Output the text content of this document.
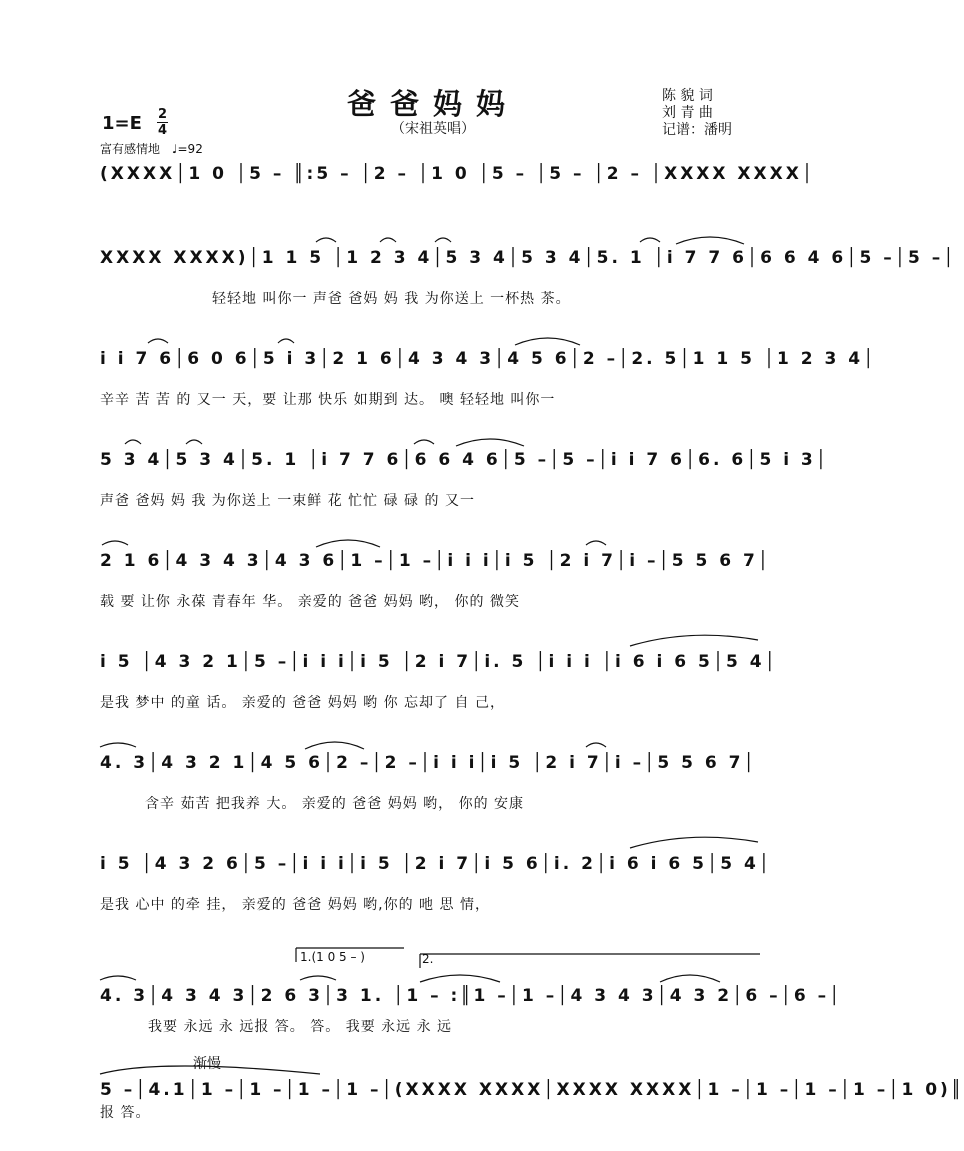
爸爸妈妈
（宋祖英唱）
1=E 2
4
富有感情地 ♩=92
陈 貌 词
刘 青 曲
记谱：潘明
(XXXX│1 0 │5 – ║:5 – │2 – │1 0 │5 – │5 – │2 – │XXXX XXXX│
XXXX XXXX)│1 1 5 │1 2 3 4│5 3 4│5 3 4│5. 1 │i 7 7 6│6 6 4 6│5 –│5 –│
轻轻地 叫你一 声爸 爸妈 妈 我 为你送上 一杯热 茶。
i i 7 6│6 0 6│5 i 3│2 1 6│4 3 4 3│4 5 6│2 –│2. 5│1 1 5 │1 2 3 4│
辛辛 苦 苦 的 又一 天，要 让那 快乐 如期到 达。 噢 轻轻地 叫你一
5 3 4│5 3 4│5. 1 │i 7 7 6│6 6 4 6│5 –│5 –│i i 7 6│6. 6│5 i 3│
声爸 爸妈 妈 我 为你送上 一束鲜 花 忙忙 碌 碌 的 又一
2 1 6│4 3 4 3│4 3 6│1 –│1 –│i i i│i 5 │2 i 7│i –│5 5 6 7│
载 要 让你 永葆 青春年 华。 亲爱的 爸爸 妈妈 哟， 你的 微笑
i 5 │4 3 2 1│5 –│i i i│i 5 │2 i 7│i. 5 │i i i │i 6 i 6 5│5 4│
是我 梦中 的童 话。 亲爱的 爸爸 妈妈 哟 你 忘却了 自 己，
4. 3│4 3 2 1│4 5 6│2 –│2 –│i i i│i 5 │2 i 7│i –│5 5 6 7│
含辛 茹苦 把我养 大。 亲爱的 爸爸 妈妈 哟， 你的 安康
i 5 │4 3 2 6│5 –│i i i│i 5 │2 i 7│i 5 6│i. 2│i 6 i 6 5│5 4│
是我 心中 的牵 挂， 亲爱的 爸爸 妈妈 哟,你的 吔 思 情，
1.(1 0 5 – )	2.
4. 3│4 3 4 3│2 6 3│3 1. │1 – :║1 –│1 –│4 3 4 3│4 3 2│6 –│6 –│
我要 永远 永 远报 答。 答。 我要 永远 永 远
渐慢
5 –│4.1│1 –│1 –│1 –│1 –│(XXXX XXXX│XXXX XXXX│1 –│1 –│1 –│1 –│1 0)║
报 答。
